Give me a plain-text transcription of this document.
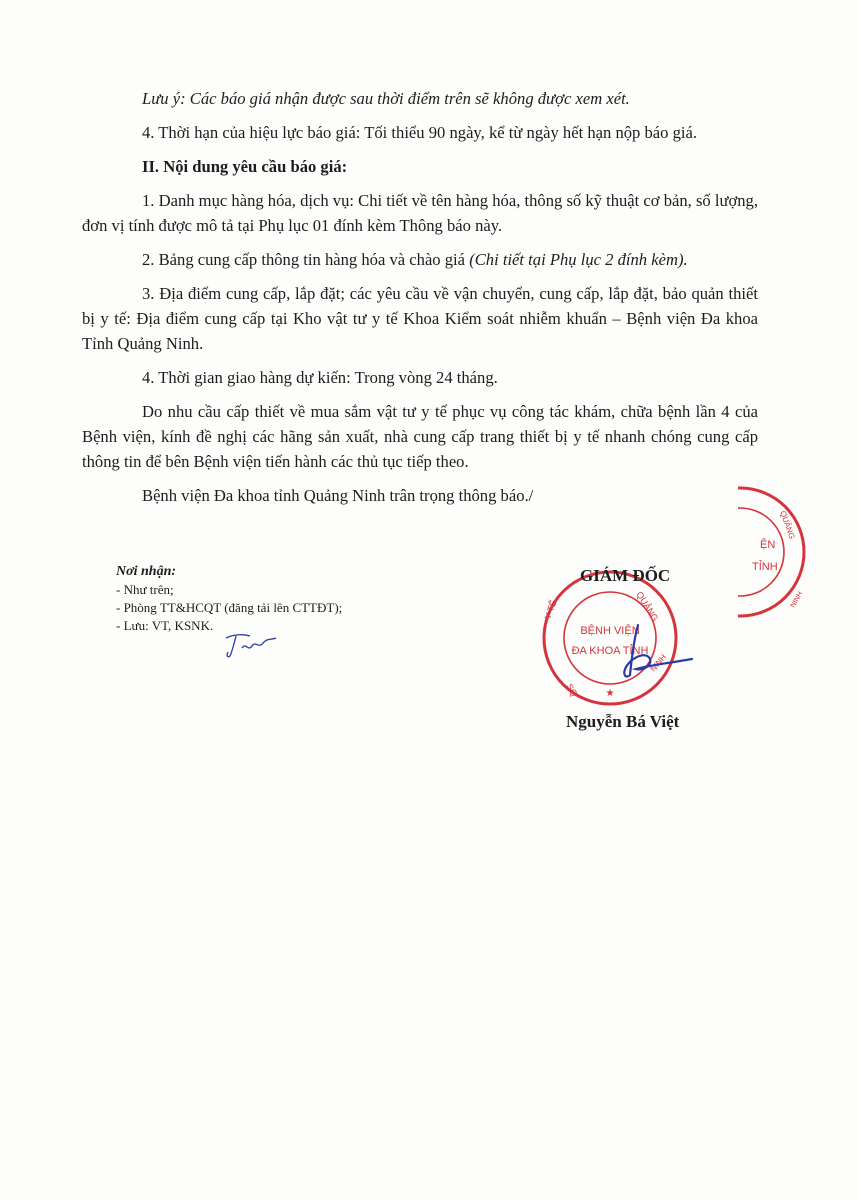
Lưu ý: Các báo giá nhận được sau thời điểm trên sẽ không được xem xét.

4. Thời hạn của hiệu lực báo giá: Tối thiểu 90 ngày, kể từ ngày hết hạn nộp báo giá.

II. Nội dung yêu cầu báo giá:

1. Danh mục hàng hóa, dịch vụ: Chi tiết về tên hàng hóa, thông số kỹ thuật cơ bản, số lượng, đơn vị tính được mô tả tại Phụ lục 01 đính kèm Thông báo này.

2. Bảng cung cấp thông tin hàng hóa và chào giá (Chi tiết tại Phụ lục 2 đính kèm).

3. Địa điểm cung cấp, lắp đặt; các yêu cầu về vận chuyển, cung cấp, lắp đặt, bảo quản thiết bị y tế: Địa điểm cung cấp tại Kho vật tư y tế Khoa Kiểm soát nhiễm khuẩn – Bệnh viện Đa khoa Tỉnh Quảng Ninh.

4. Thời gian giao hàng dự kiến: Trong vòng 24 tháng.

Do nhu cầu cấp thiết về mua sắm vật tư y tế phục vụ công tác khám, chữa bệnh lần 4 của Bệnh viện, kính đề nghị các hãng sản xuất, nhà cung cấp trang thiết bị y tế nhanh chóng cung cấp thông tin để bên Bệnh viện tiến hành các thủ tục tiếp theo.

Bệnh viện Đa khoa tỉnh Quảng Ninh trân trọng thông báo./

Nơi nhận:
- Như trên;
- Phòng TT&HCQT (đăng tải lên CTTĐT);
- Lưu: VT, KSNK.
QUẢNG
Y TẾ
NINH
SQ
BỆNH VIỆN
ĐA KHOA TỈNH
★
GIÁM ĐỐC
Nguyễn Bá Việt
QUẢNG
NINH
ỆN
TỈNH
